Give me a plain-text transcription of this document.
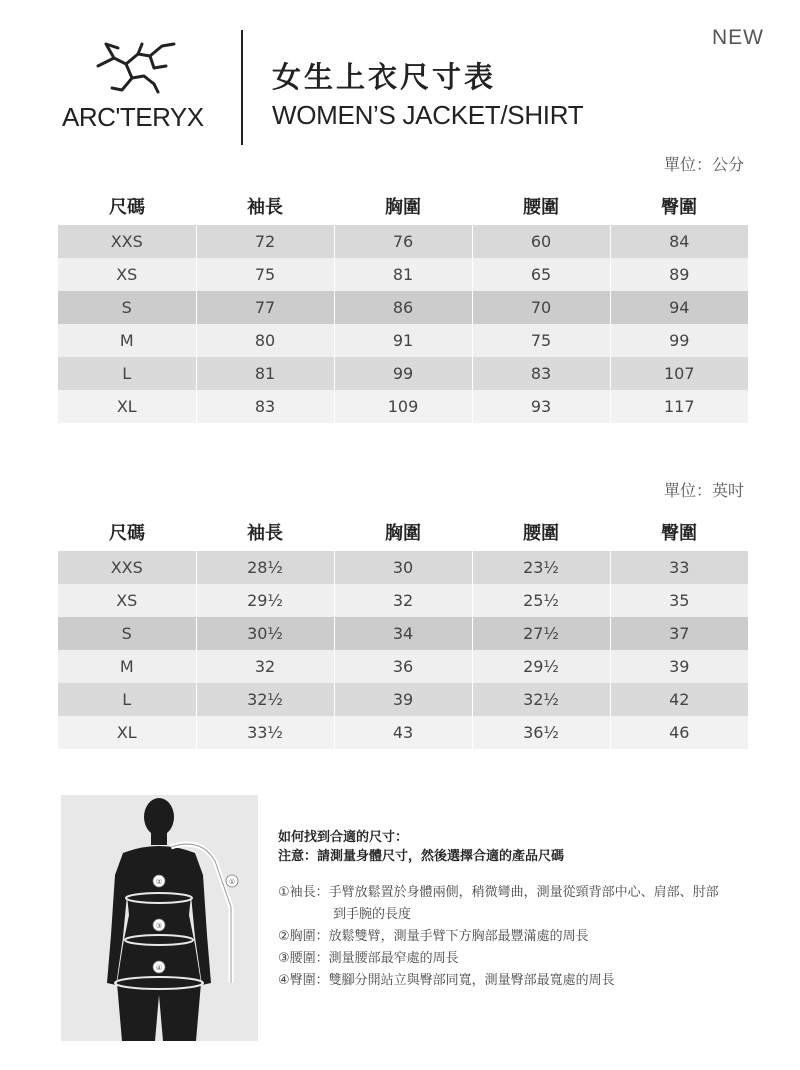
NEW
ARC'TERYX
女生上衣尺寸表
WOMEN’S JACKET/SHIRT
單位：公分
尺碼	袖長	胸圍	腰圍	臀圍
XXS	72	76	60	84
XS	75	81	65	89
S	77	86	70	94
M	80	91	75	99
L	81	99	83	107
XL	83	109	93	117
單位：英吋
尺碼	袖長	胸圍	腰圍	臀圍
XXS	28½	30	23½	33
XS	29½	32	25½	35
S	30½	34	27½	37
M	32	36	29½	39
L	32½	39	32½	42
XL	33½	43	36½	46
①
②
③
④
如何找到合適的尺寸：
注意：請測量身體尺寸，然後選擇合適的產品尺碼
①袖長：手臂放鬆置於身體兩側，稍微彎曲，測量從頸背部中心、肩部、肘部
到手腕的長度
②胸圍：放鬆雙臂，測量手臂下方胸部最豐滿處的周長
③腰圍：測量腰部最窄處的周長
④臀圍：雙腳分開站立與臀部同寬，測量臀部最寬處的周長
